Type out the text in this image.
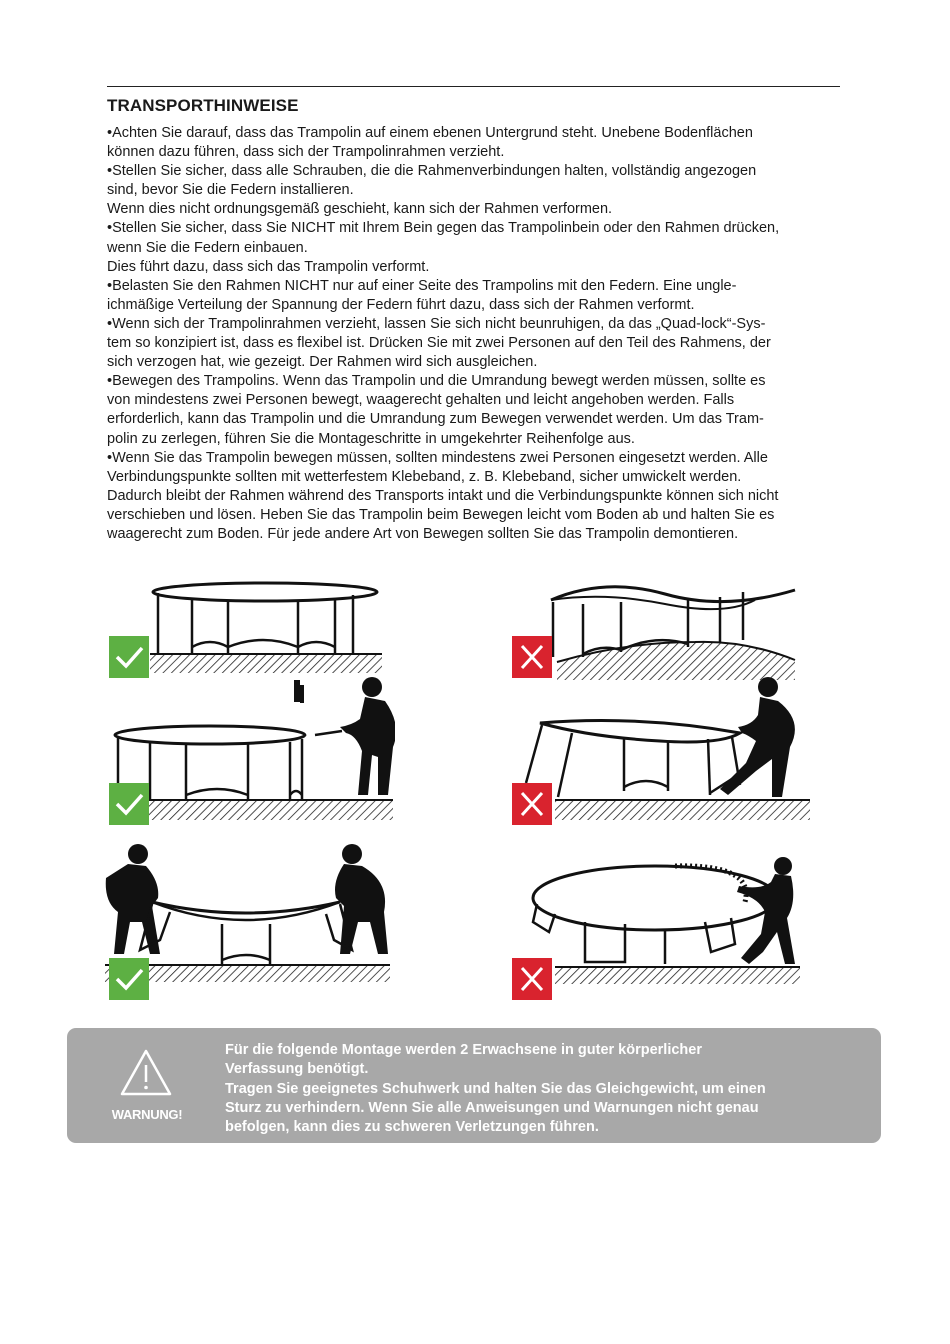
TRANSPORTHINWEISE
•Achten Sie darauf, dass das Trampolin auf einem ebenen Untergrund steht. Unebene Bodenflächen
können dazu führen, dass sich der Trampolinrahmen verzieht.
•Stellen Sie sicher, dass alle Schrauben, die die Rahmenverbindungen halten, vollständig angezogen
sind, bevor Sie die Federn installieren.
Wenn dies nicht ordnungsgemäß geschieht, kann sich der Rahmen verformen.
•Stellen Sie sicher, dass Sie NICHT mit Ihrem Bein gegen das Trampolinbein oder den Rahmen drücken,
wenn Sie die Federn einbauen.
Dies führt dazu, dass sich das Trampolin verformt.
•Belasten Sie den Rahmen NICHT nur auf einer Seite des Trampolins mit den Federn. Eine ungle-
ichmäßige Verteilung der Spannung der Federn führt dazu, dass sich der Rahmen verformt.
•Wenn sich der Trampolinrahmen verzieht, lassen Sie sich nicht beunruhigen, da das „Quad-lock“-Sys-
tem so konzipiert ist, dass es flexibel ist. Drücken Sie mit zwei Personen auf den Teil des Rahmens, der
sich verzogen hat, wie gezeigt. Der Rahmen wird sich ausgleichen.
•Bewegen des Trampolins. Wenn das Trampolin und die Umrandung bewegt werden müssen, sollte es
von mindestens zwei Personen bewegt, waagerecht gehalten und leicht angehoben werden. Falls
erforderlich, kann das Trampolin und die Umrandung zum Bewegen verwendet werden. Um das Tram-
polin zu zerlegen, führen Sie die Montageschritte in umgekehrter Reihenfolge aus.
•Wenn Sie das Trampolin bewegen müssen, sollten mindestens zwei Personen eingesetzt werden. Alle
Verbindungspunkte sollten mit wetterfestem Klebeband, z. B. Klebeband, sicher umwickelt werden.
Dadurch bleibt der Rahmen während des Transports intakt und die Verbindungspunkte können sich nicht
verschieben und lösen. Heben Sie das Trampolin beim Bewegen leicht vom Boden ab und halten Sie es
waagerecht zum Boden. Für jede andere Art von Bewegen sollten Sie das Trampolin demontieren.
WARNUNG!
Für die folgende Montage werden 2 Erwachsene in guter körperlicher
Verfassung benötigt.
Tragen Sie geeignetes Schuhwerk und halten Sie das Gleichgewicht, um einen
Sturz zu verhindern. Wenn Sie alle Anweisungen und Warnungen nicht genau
befolgen, kann dies zu schweren Verletzungen führen.
